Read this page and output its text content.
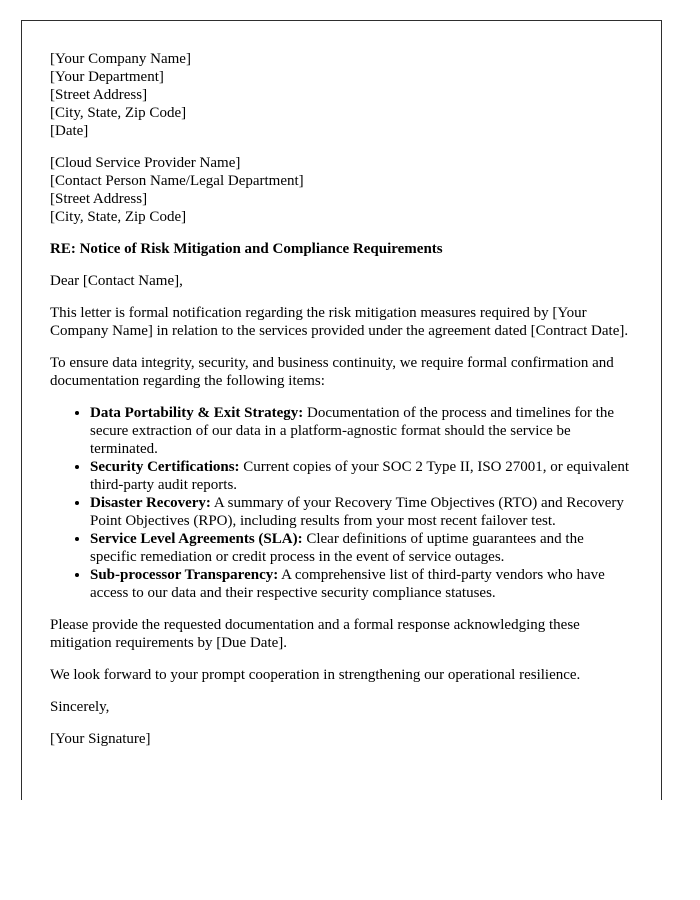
[Your Company Name]
[Your Department]
[Street Address]
[City, State, Zip Code]
[Date]
[Cloud Service Provider Name]
[Contact Person Name/Legal Department]
[Street Address]
[City, State, Zip Code]

RE: Notice of Risk Mitigation and Compliance Requirements

Dear [Contact Name],

This letter is formal notification regarding the risk mitigation measures required by [Your Company Name] in relation to the services provided under the agreement dated [Contract Date].

To ensure data integrity, security, and business continuity, we require formal confirmation and documentation regarding the following items:

• Data Portability & Exit Strategy: Documentation of the process and timelines for the secure extraction of our data in a platform-agnostic format should the service be terminated.
• Security Certifications: Current copies of your SOC 2 Type II, ISO 27001, or equivalent third-party audit reports.
• Disaster Recovery: A summary of your Recovery Time Objectives (RTO) and Recovery Point Objectives (RPO), including results from your most recent failover test.
• Service Level Agreements (SLA): Clear definitions of uptime guarantees and the specific remediation or credit process in the event of service outages.
• Sub-processor Transparency: A comprehensive list of third-party vendors who have access to our data and their respective security compliance statuses.

Please provide the requested documentation and a formal response acknowledging these mitigation requirements by [Due Date].

We look forward to your prompt cooperation in strengthening our operational resilience.

Sincerely,

[Your Signature]
